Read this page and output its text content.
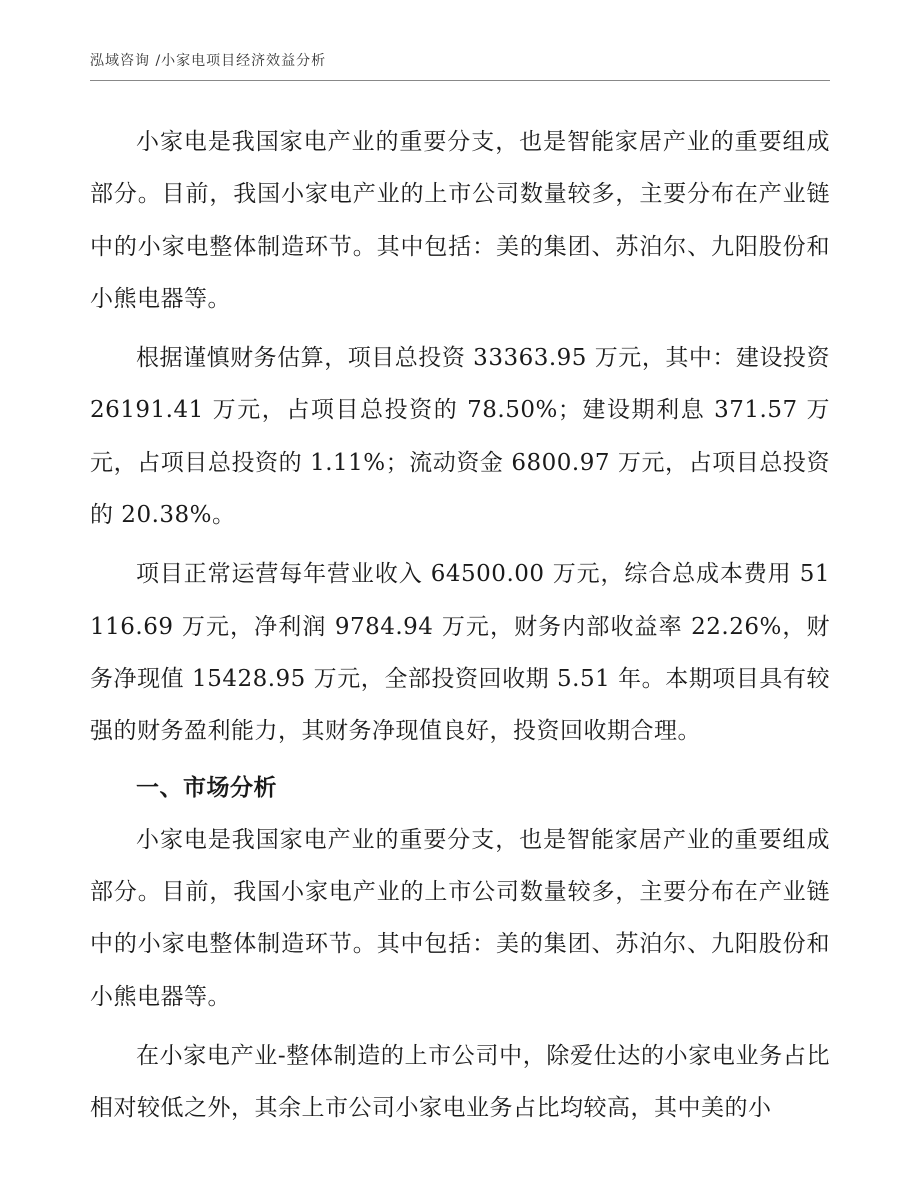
泓域咨询 /小家电项目经济效益分析

小家电是我国家电产业的重要分支，也是智能家居产业的重要组成部分。目前，我国小家电产业的上市公司数量较多，主要分布在产业链中的小家电整体制造环节。其中包括：美的集团、苏泊尔、九阳股份和小熊电器等。

根据谨慎财务估算，项目总投资 33363.95 万元，其中：建设投资 26191.41 万元，占项目总投资的 78.50%；建设期利息 371.57 万元，占项目总投资的 1.11%；流动资金 6800.97 万元，占项目总投资的 20.38%。

项目正常运营每年营业收入 64500.00 万元，综合总成本费用 51116.69 万元，净利润 9784.94 万元，财务内部收益率 22.26%，财务净现值 15428.95 万元，全部投资回收期 5.51 年。本期项目具有较强的财务盈利能力，其财务净现值良好，投资回收期合理。

一、市场分析

小家电是我国家电产业的重要分支，也是智能家居产业的重要组成部分。目前，我国小家电产业的上市公司数量较多，主要分布在产业链中的小家电整体制造环节。其中包括：美的集团、苏泊尔、九阳股份和小熊电器等。

在小家电产业-整体制造的上市公司中，除爱仕达的小家电业务占比相对较低之外，其余上市公司小家电业务占比均较高，其中美的小
